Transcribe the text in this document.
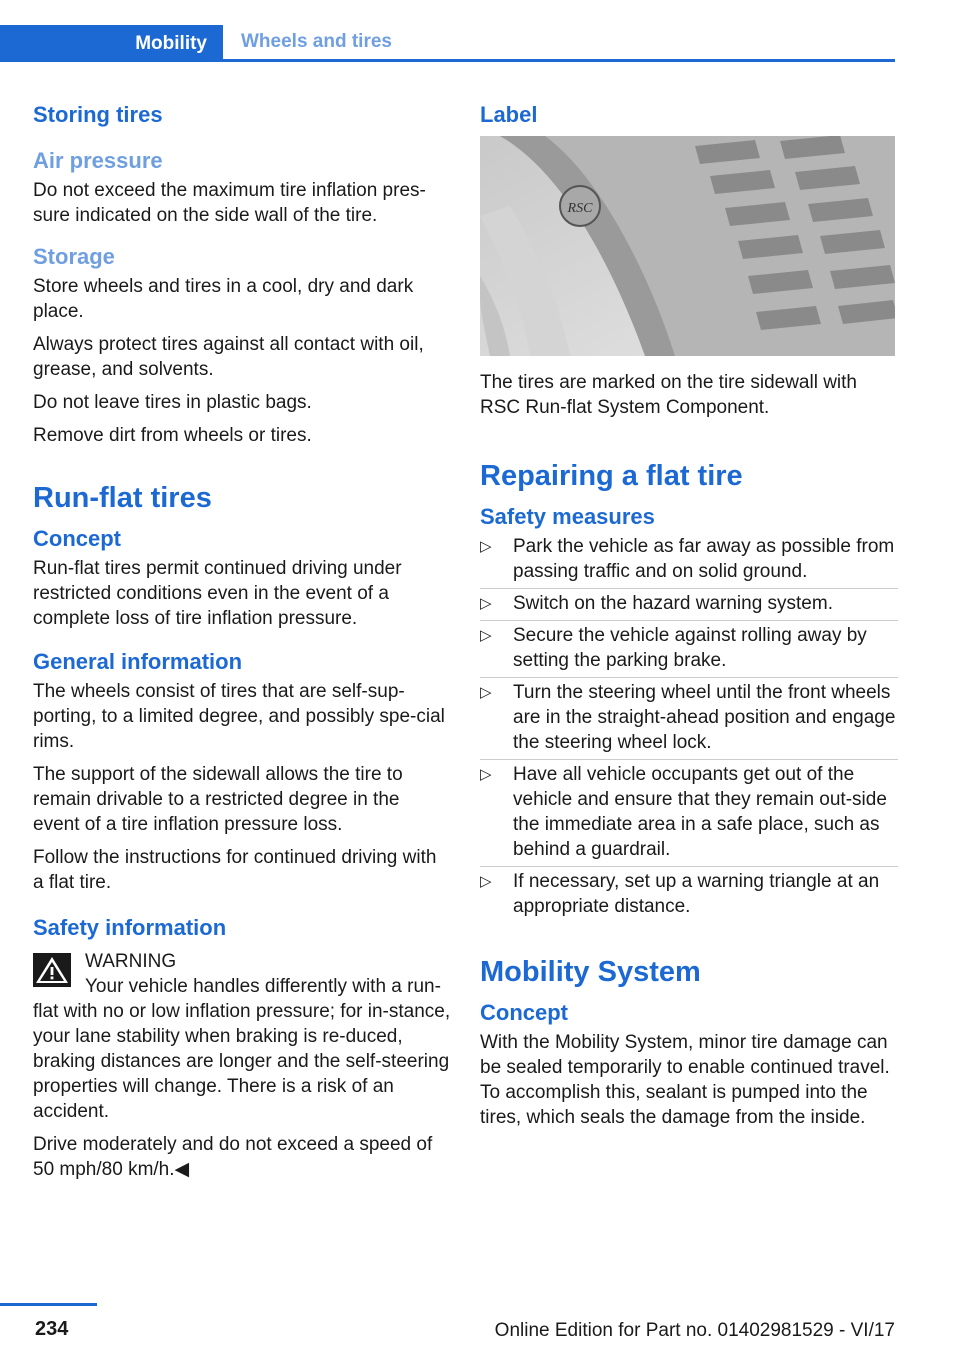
Mobility	Wheels and tires
Storing tires
Air pressure

Do not exceed the maximum tire inflation pres‐sure indicated on the side wall of the tire.

Storage

Store wheels and tires in a cool, dry and dark place.

Always protect tires against all contact with oil, grease, and solvents.

Do not leave tires in plastic bags.

Remove dirt from wheels or tires.

Run-flat tires
Concept

Run-flat tires permit continued driving under restricted conditions even in the event of a complete loss of tire inflation pressure.

General information

The wheels consist of tires that are self-sup‐porting, to a limited degree, and possibly spe‐cial rims.

The support of the sidewall allows the tire to remain drivable to a restricted degree in the event of a tire inflation pressure loss.

Follow the instructions for continued driving with a flat tire.

Safety information

WARNING

Your vehicle handles differently with a run-flat with no or low inflation pressure; for in‐stance, your lane stability when braking is re‐duced, braking distances are longer and the self-steering properties will change. There is a risk of an accident.

Drive moderately and do not exceed a speed of 50 mph/80 km/h.◀

Label
RSC

The tires are marked on the tire sidewall with RSC Run-flat System Component.

Repairing a flat tire
Safety measures
▷ Park the vehicle as far away as possible from passing traffic and on solid ground.
▷ Switch on the hazard warning system.
▷ Secure the vehicle against rolling away by setting the parking brake.
▷ Turn the steering wheel until the front wheels are in the straight-ahead position and engage the steering wheel lock.
▷ Have all vehicle occupants get out of the vehicle and ensure that they remain out‐side the immediate area in a safe place, such as behind a guardrail.
▷ If necessary, set up a warning triangle at an appropriate distance.
Mobility System
Concept

With the Mobility System, minor tire damage can be sealed temporarily to enable continued travel. To accomplish this, sealant is pumped into the tires, which seals the damage from the inside.

234	Online Edition for Part no. 01402981529 - VI/17
